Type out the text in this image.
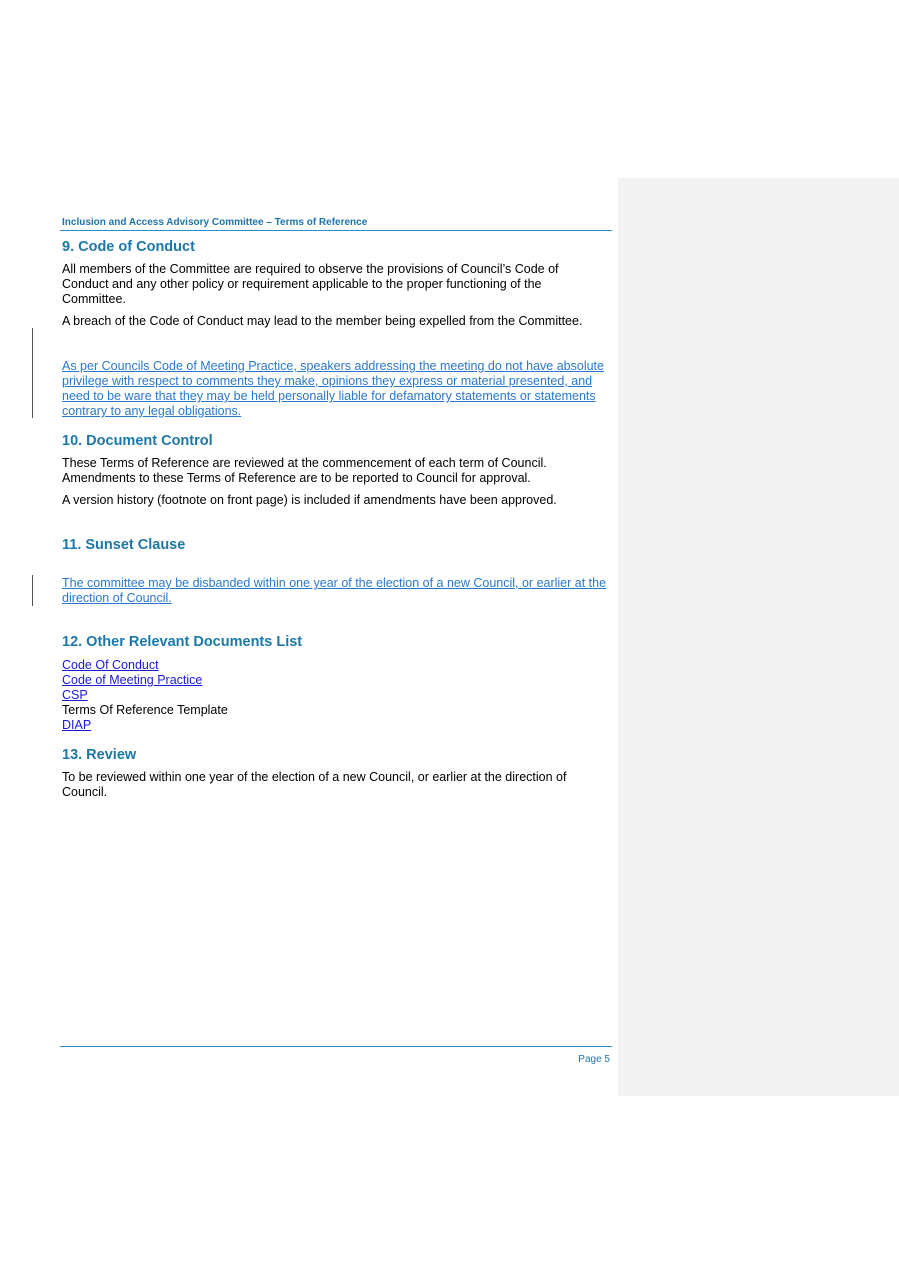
Inclusion and Access Advisory Committee – Terms of Reference
9. Code of Conduct

All members of the Committee are required to observe the provisions of Council’s Code of Conduct and any other policy or requirement applicable to the proper functioning of the Committee.

A breach of the Code of Conduct may lead to the member being expelled from the Committee.

As per Councils Code of Meeting Practice, speakers addressing the meeting do not have absolute privilege with respect to comments they make, opinions they express or material presented, and need to be ware that they may be held personally liable for defamatory statements or statements contrary to any legal obligations.

10. Document Control

These Terms of Reference are reviewed at the commencement of each term of Council. Amendments to these Terms of Reference are to be reported to Council for approval.

A version history (footnote on front page) is included if amendments have been approved.

11. Sunset Clause

The committee may be disbanded within one year of the election of a new Council, or earlier at the direction of Council.

12. Other Relevant Documents List
Code Of Conduct
Code of Meeting Practice
CSP
Terms Of Reference Template
DIAP
13. Review

To be reviewed within one year of the election of a new Council, or earlier at the direction of Council.

Page 5
